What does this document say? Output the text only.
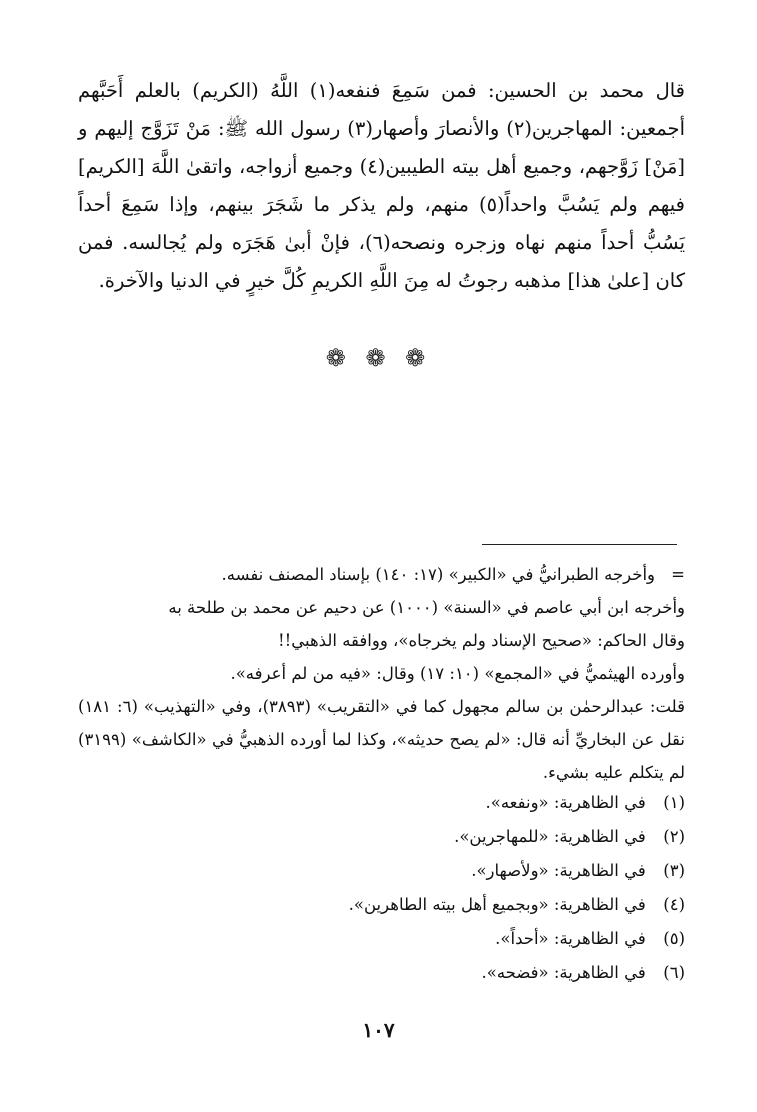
قال محمد بن الحسين: فمن سَمِعَ فنفعه(١) اللَّهُ (الكريم) بالعلم أَحَبَّهم أجمعين: المهاجرين(٢) والأنصارَ وأصهار(٣) رسول الله ﷺ: مَنْ تَزَوَّج إليهم و [مَنْ] زَوَّجهم، وجميع أهل بيته الطيبين(٤) وجميع أزواجه، واتقىٰ اللَّهَ [الكريم] فيهم ولم يَسُبَّ واحداً(٥) منهم، ولم يذكر ما شَجَرَ بينهم، وإذا سَمِعَ أحداً يَسُبُّ أحداً منهم نهاه وزجره ونصحه(٦)، فإنْ أبىٰ هَجَرَه ولم يُجالسه. فمن كان [علىٰ هذا] مذهبه رجوتُ له مِنَ اللَّهِ الكريمِ كُلَّ خيرٍ في الدنيا والآخرة.

❁ ❁ ❁
=

وأخرجه الطبرانيُّ في «الكبير» (١٧: ١٤٠) بإسناد المصنف نفسه.

وأخرجه ابن أبي عاصم في «السنة» (١٠٠٠) عن دحيم عن محمد بن طلحة به

وقال الحاكم: «صحيح الإسناد ولم يخرجاه»، ووافقه الذهبي!!

وأورده الهيثميُّ في «المجمع» (١٠: ١٧) وقال: «فيه من لم أعرفه».

قلت: عبدالرحمٰن بن سالم مجهول كما في «التقريب» (٣٨٩٣)، وفي «التهذيب» (٦: ١٨١) نقل عن البخاريِّ أنه قال: «لم يصح حديثه»، وكذا لما أورده الذهبيُّ في «الكاشف» (٣١٩٩) لم يتكلم عليه بشيء.

(١) في الظاهرية: «ونفعه».
(٢) في الظاهرية: «للمهاجرين».
(٣) في الظاهرية: «ولأصهار».
(٤) في الظاهرية: «وبجميع أهل بيته الطاهرين».
(٥) في الظاهرية: «أحداً».
(٦) في الظاهرية: «فضحه».
١٠٧
